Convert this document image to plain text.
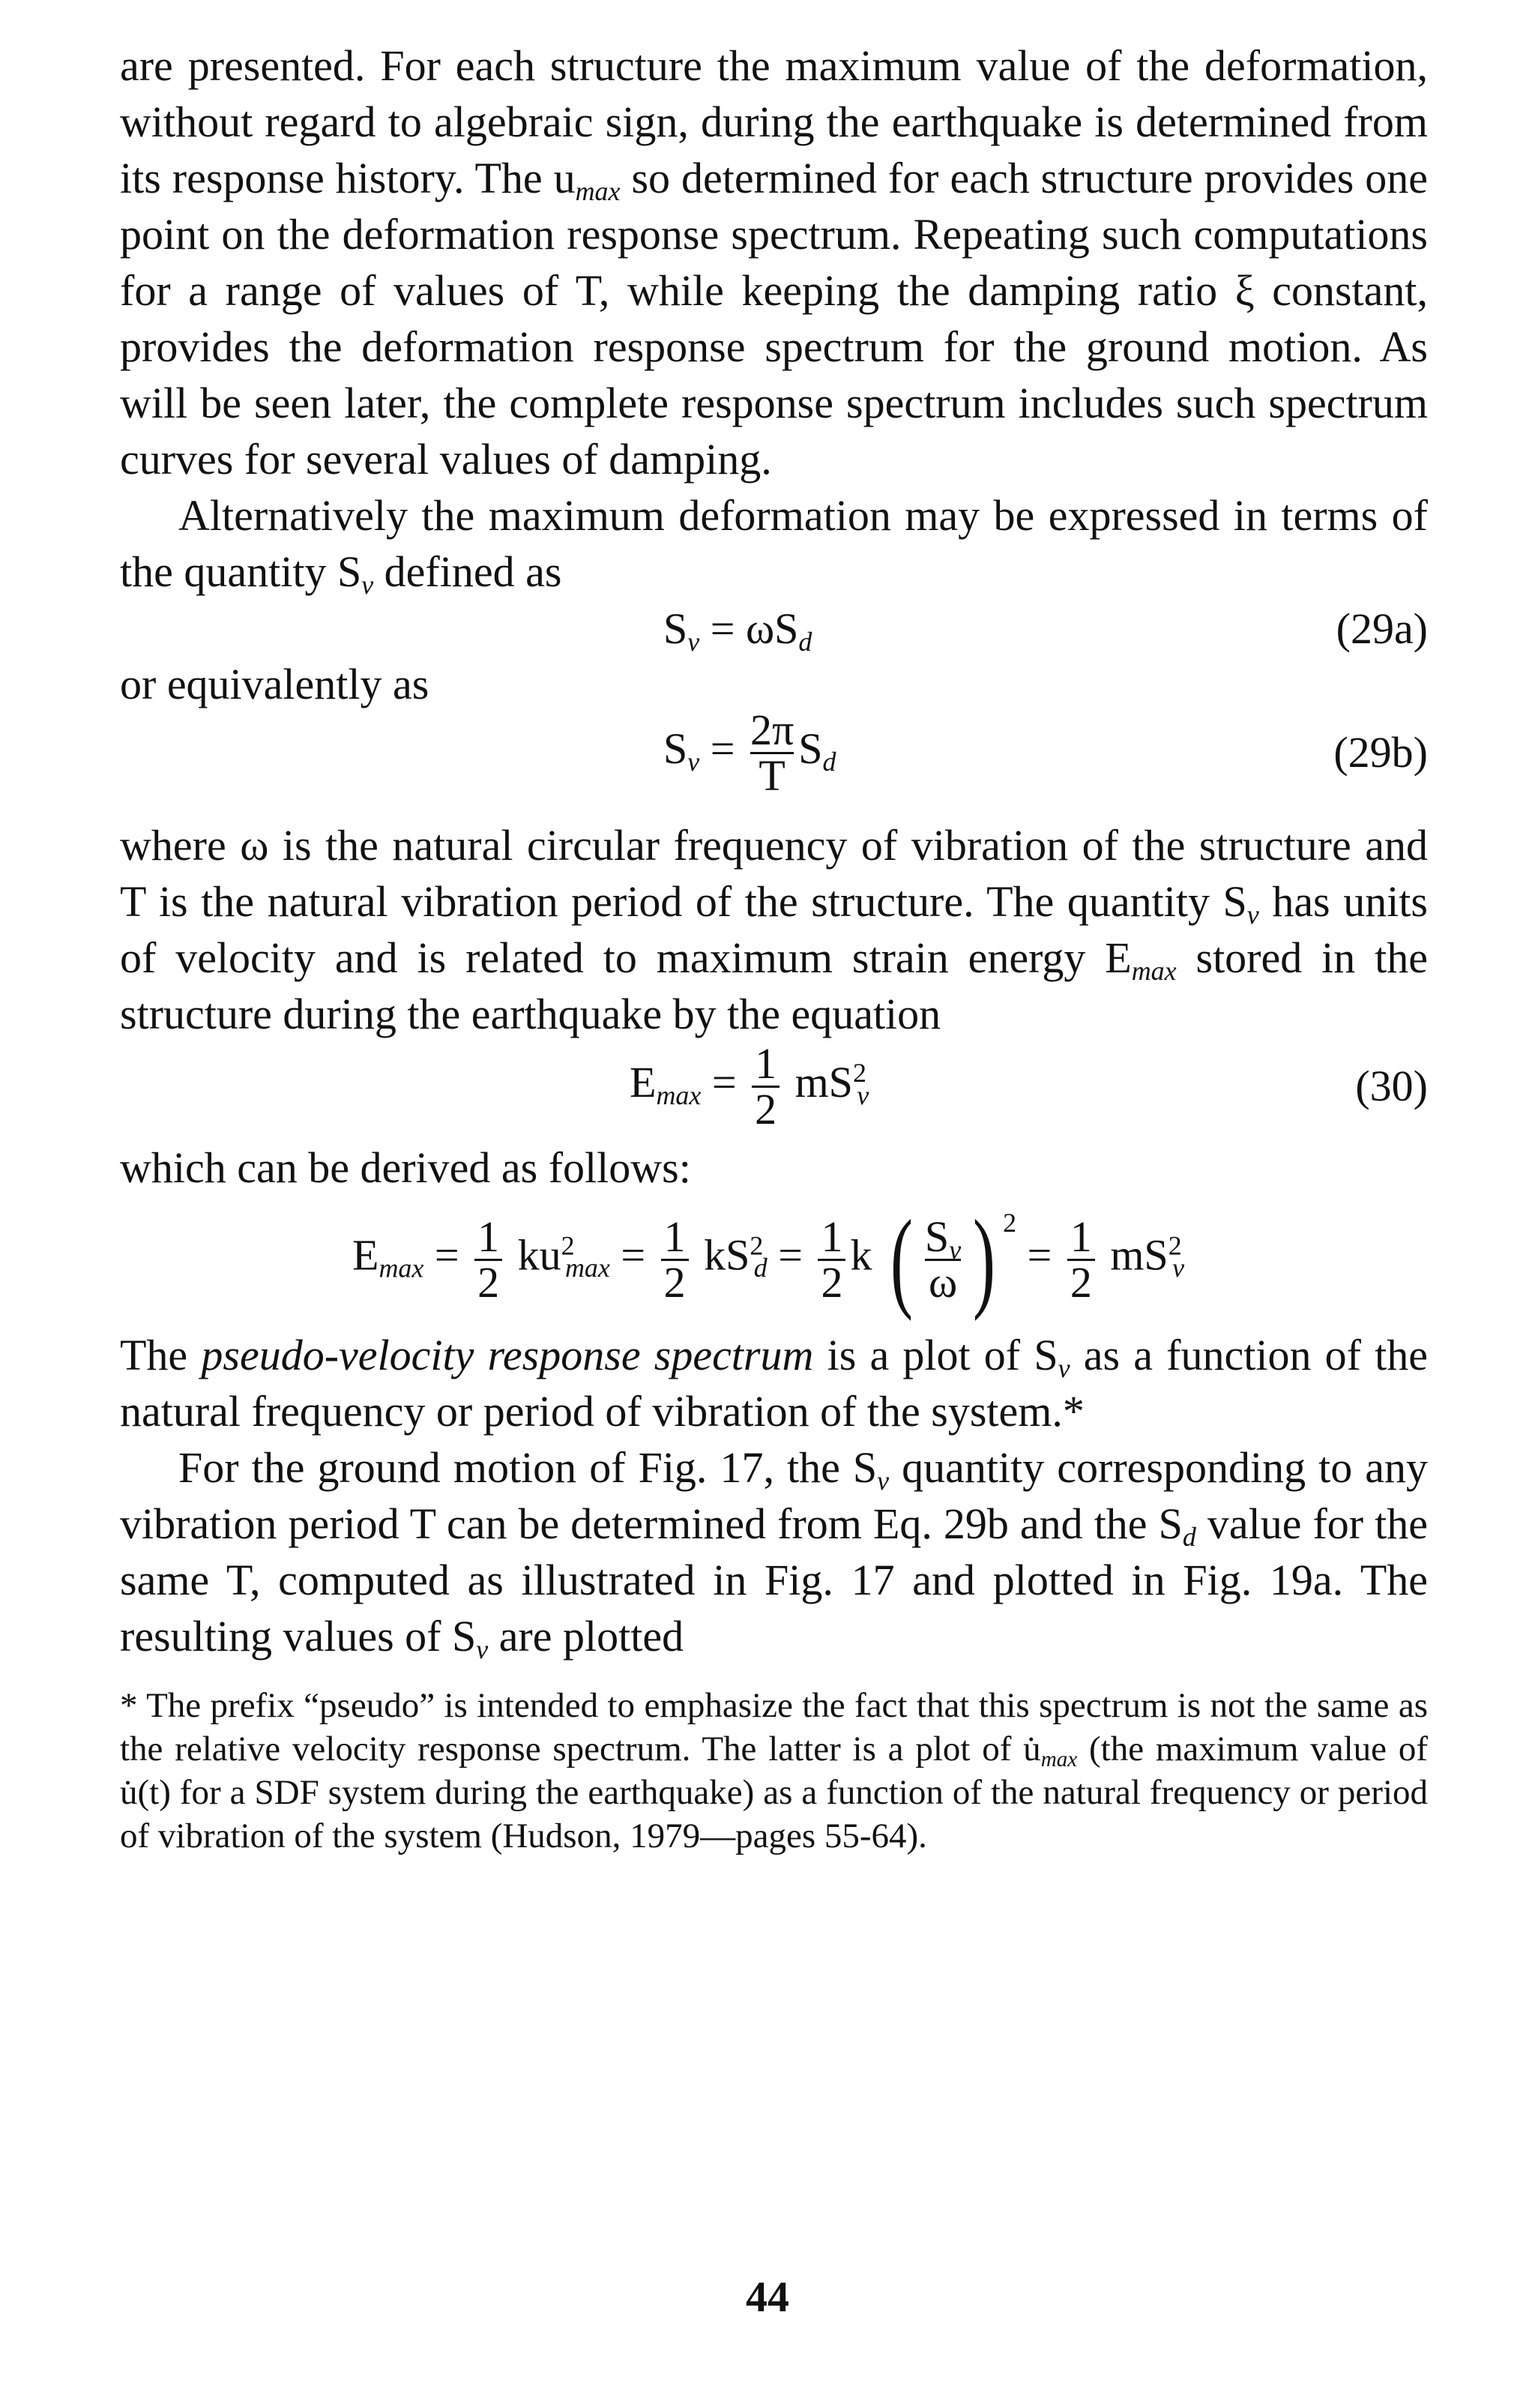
are presented. For each structure the maximum value of the deformation, without regard to algebraic sign, during the earthquake is determined from its response history. The $u_{max}$ so determined for each structure provides one point on the deformation response spectrum. Repeating such computations for a range of values of T, while keeping the damping ratio ξ constant, provides the deformation response spectrum for the ground motion. As will be seen later, the complete response spectrum includes such spectrum curves for several values of damping.

Alternatively the maximum deformation may be expressed in terms of the quantity $S_v$ defined as

$S_v = \omega S_d$	(29a)

or equivalently as

$S_v = \frac{2\pi}{T} S_d$	(29b)

where ω is the natural circular frequency of vibration of the structure and T is the natural vibration period of the structure. The quantity $S_v$ has units of velocity and is related to maximum strain energy $E_{max}$ stored in the structure during the earthquake by the equation

$E_{max} = \frac{1}{2} mS^2_v$	(30)

which can be derived as follows:

$E_{max} = \frac{1}{2} ku^2_{max} = \frac{1}{2} kS^2_d = \frac{1}{2}$ k ( $\frac{S_v}{\omega}$ ) $^2 = \frac{1}{2} mS^2_v$

The pseudo-velocity response spectrum is a plot of $S_v$ as a function of the natural frequency or period of vibration of the system.*

For the ground motion of Fig. 17, the $S_v$ quantity corresponding to any vibration period T can be determined from Eq. 29b and the $S_d$ value for the same T, computed as illustrated in Fig. 17 and plotted in Fig. 19a. The resulting values of $S_v$ are plotted

* The prefix “pseudo” is intended to emphasize the fact that this spectrum is not the same as the relative velocity response spectrum. The latter is a plot of $u̇_{max}$ (the maximum value of u̇(t) for a SDF system during the earthquake) as a function of the natural frequency or period of vibration of the system (Hudson, 1979—pages 55-64).

44
